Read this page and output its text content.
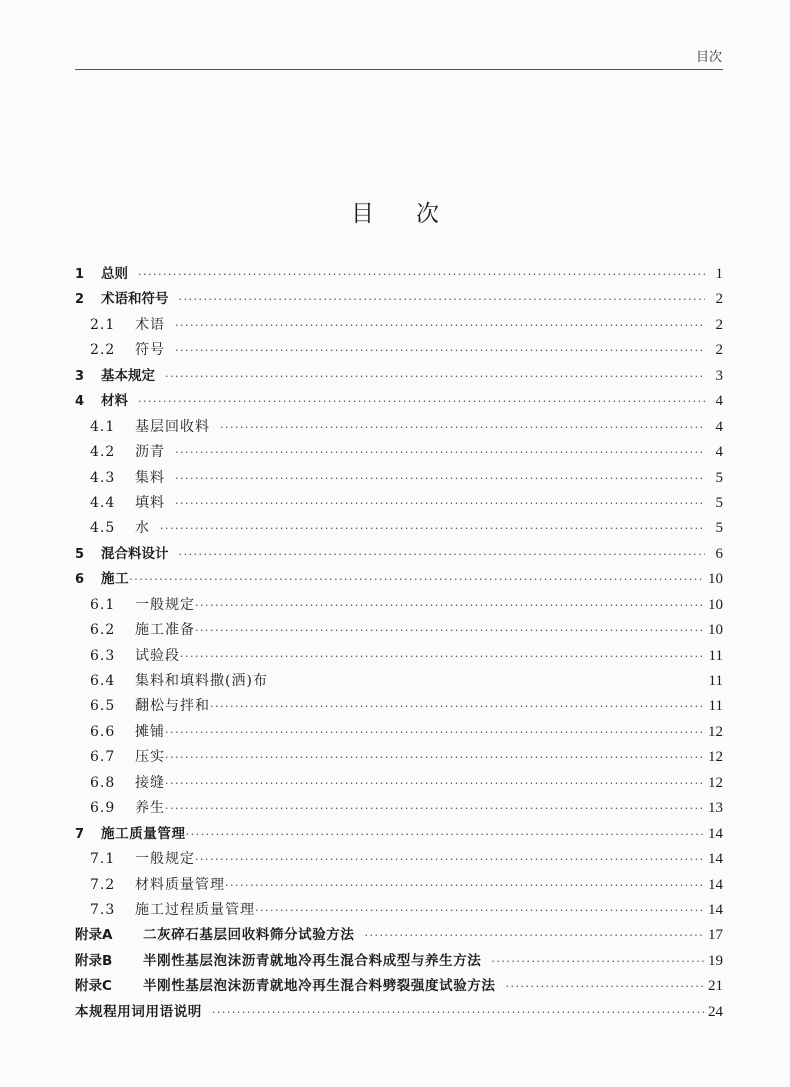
目次
目次
1	总则 ·····	1
2	术语和符号 ·····	2
2.1	术语 ·····	2
2.2	符号 ·····	2
3	基本规定 ·····	3
4	材料 ·····	4
4.1	基层回收料 ·····	4
4.2	沥青 ·····	4
4.3	集料 ·····	5
4.4	填料 ·····	5
4.5	水 ·····	5
5	混合料设计 ·····	6
6	施工 ·····	10
6.1	一般规定 ·····	10
6.2	施工准备 ·····	10
6.3	试验段 ·····	11
6.4	集料和填料撒(洒)布	11
6.5	翻松与拌和 ·····	11
6.6	摊铺 ·····	12
6.7	压实 ·····	12
6.8	接缝 ·····	12
6.9	养生 ·····	13
7	施工质量管理 ·····	14
7.1	一般规定 ·····	14
7.2	材料质量管理 ·····	14
7.3	施工过程质量管理 ·····	14
附录A	二灰碎石基层回收料筛分试验方法 ·····	17
附录B	半刚性基层泡沫沥青就地冷再生混合料成型与养生方法 ·····	19
附录C	半刚性基层泡沫沥青就地冷再生混合料劈裂强度试验方法 ·····	21
本规程用词用语说明 ·····	24
